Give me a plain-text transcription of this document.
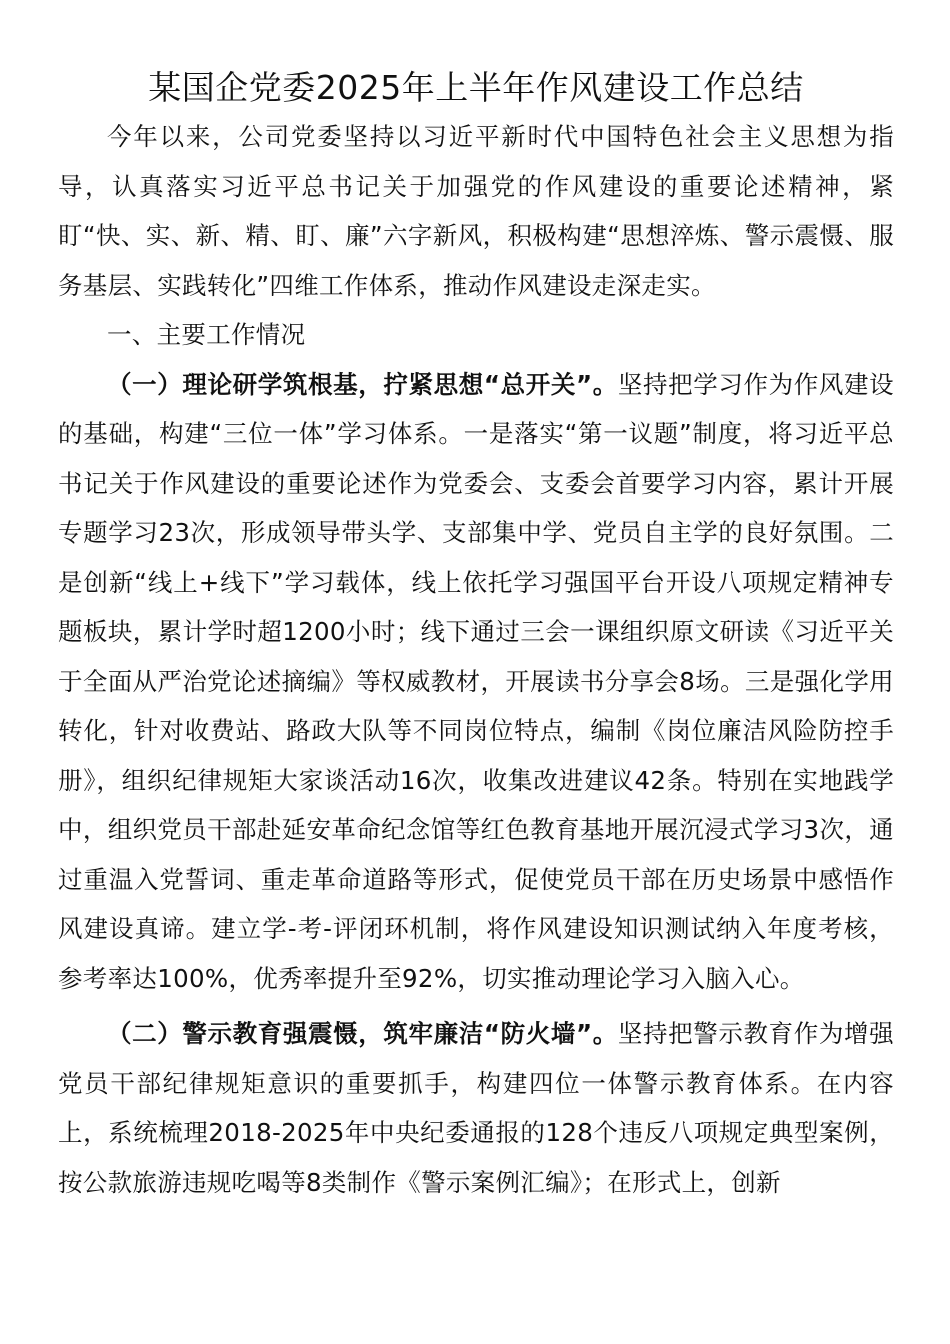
某国企党委2025年上半年作风建设工作总结

今年以来，公司党委坚持以习近平新时代中国特色社会主义思想为指导，认真落实习近平总书记关于加强党的作风建设的重要论述精神，紧盯“快、实、新、精、盯、廉”六字新风，积极构建“思想淬炼、警示震慑、服务基层、实践转化”四维工作体系，推动作风建设走深走实。

一、主要工作情况

（一）理论研学筑根基，拧紧思想“总开关”。坚持把学习作为作风建设的基础，构建“三位一体”学习体系。一是落实“第一议题”制度，将习近平总书记关于作风建设的重要论述作为党委会、支委会首要学习内容，累计开展专题学习23次，形成领导带头学、支部集中学、党员自主学的良好氛围。二是创新“线上+线下”学习载体，线上依托学习强国平台开设八项规定精神专题板块，累计学时超1200小时；线下通过三会一课组织原文研读《习近平关于全面从严治党论述摘编》等权威教材，开展读书分享会8场。三是强化学用转化，针对收费站、路政大队等不同岗位特点，编制《岗位廉洁风险防控手册》，组织纪律规矩大家谈活动16次，收集改进建议42条。特别在实地践学中，组织党员干部赴延安革命纪念馆等红色教育基地开展沉浸式学习3次，通过重温入党誓词、重走革命道路等形式，促使党员干部在历史场景中感悟作风建设真谛。建立学-考-评闭环机制，将作风建设知识测试纳入年度考核，参考率达100%，优秀率提升至92%，切实推动理论学习入脑入心。

（二）警示教育强震慑，筑牢廉洁“防火墙”。坚持把警示教育作为增强党员干部纪律规矩意识的重要抓手，构建四位一体警示教育体系。在内容上，系统梳理2018-2025年中央纪委通报的128个违反八项规定典型案例，按公款旅游违规吃喝等8类制作《警示案例汇编》；在形式上，创新
